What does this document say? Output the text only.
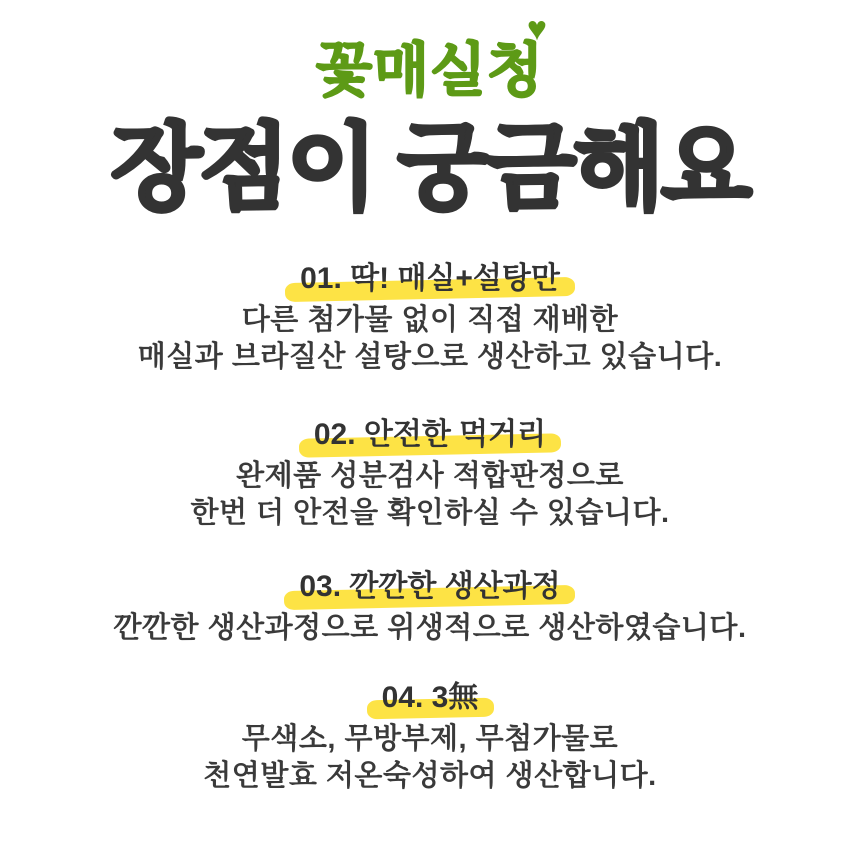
꽃매실청
♥
장점이 궁금해요
01. 딱! 매실+설탕만
다른 첨가물 없이 직접 재배한
매실과 브라질산 설탕으로 생산하고 있습니다.
02. 안전한 먹거리
완제품 성분검사 적합판정으로
한번 더 안전을 확인하실 수 있습니다.
03. 깐깐한 생산과정
깐깐한 생산과정으로 위생적으로 생산하였습니다.
04. 3無
무색소, 무방부제, 무첨가물로
천연발효 저온숙성하여 생산합니다.
